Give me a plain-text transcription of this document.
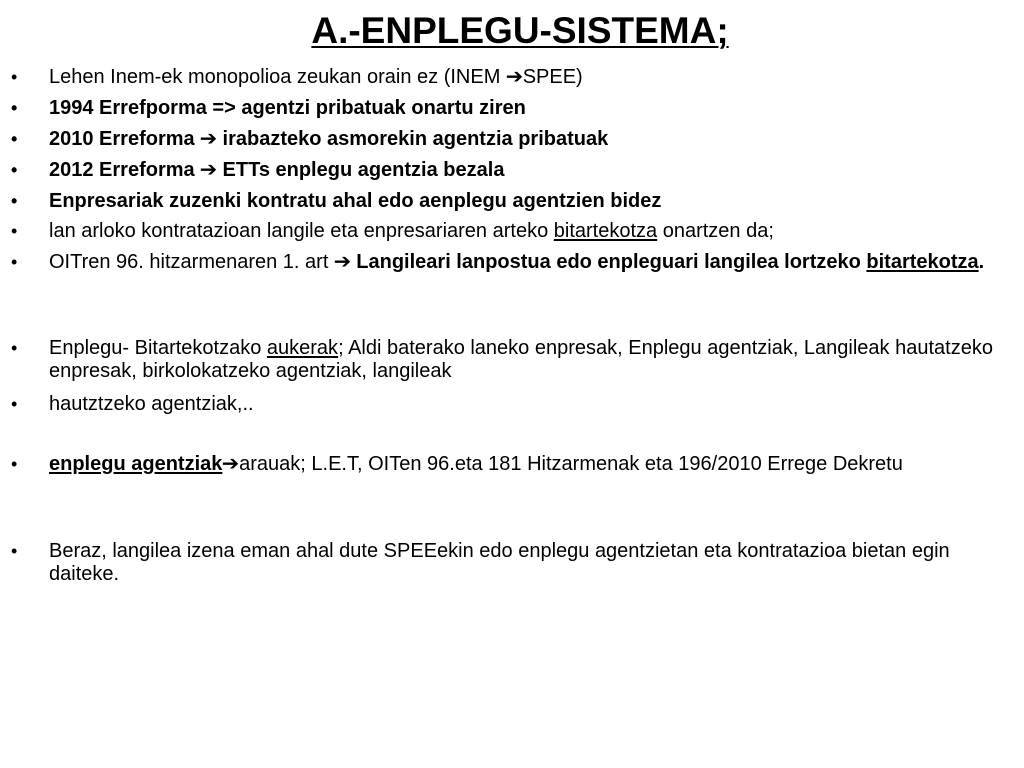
A.-ENPLEGU-SISTEMA;
•	Lehen Inem-ek monopolioa zeukan orain ez (INEM ➔SPEE)
•	1994 Errefporma => agentzi pribatuak onartu ziren
•	2010 Erreforma ➔ irabazteko asmorekin agentzia pribatuak
•	2012 Erreforma ➔ ETTs enplegu agentzia bezala
•	Enpresariak zuzenki kontratu ahal edo aenplegu agentzien bidez
•	lan arloko kontratazioan langile eta enpresariaren arteko bitartekotza onartzen da;
•	OITren 96. hitzarmenaren 1. art ➔ Langileari lanpostua edo enpleguari langilea lortzeko bitartekotza.
•	Enplegu- Bitartekotzako aukerak; Aldi baterako laneko enpresak, Enplegu agentziak, Langileak hautatzeko enpresak, birkolokatzeko agentziak, langileak
•	hautztzeko agentziak,..
•	enplegu agentziak➔arauak; L.E.T, OITen 96.eta 181 Hitzarmenak eta 196/2010 Errege Dekretu
•	Beraz, langilea izena eman ahal dute SPEEekin edo enplegu agentzietan eta kontratazioa bietan egin daiteke.
